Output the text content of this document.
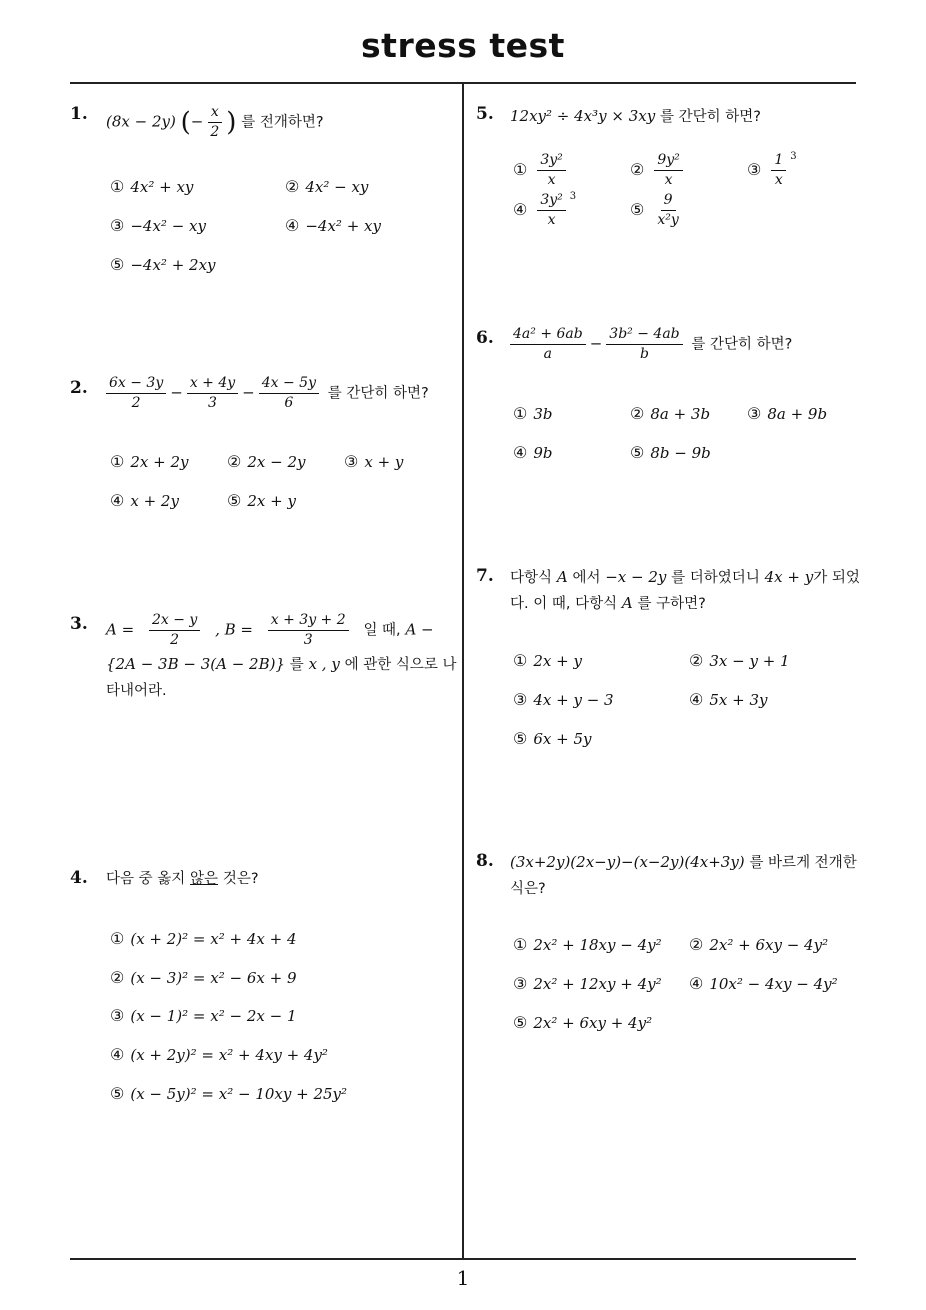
stress test
1
1. (8x − 2y) (− $\frac{x}{2}$ ) 를 전개하면?
① 4x² + xy	② 4x² − xy
③ −4x² − xy	④ −4x² + xy
⑤ −4x² + 2xy
2. $\frac{6x - 3y}{2} - \frac{x + 4y}{3} - \frac{4x - 5y}{6}$ 를 간단히 하면?
① 2x + 2y ② 2x − 2y ③ x + y
④ x + 2y	⑤ 2x + y
3. $A = \frac{2x - y}{2}$ , $B = \frac{x + 3y + 2}{3}$ 일 때, A −
{2A − 3B − 3(A − 2B)} 를 x , y 에 관한 식으로 나
타내어라.
4. 다음 중 옳지 않은 것은?
① (x + 2)² = x² + 4x + 4
② (x − 3)² = x² − 6x + 9
③ (x − 1)² = x² − 2x − 1
④ (x + 2y)² = x² + 4xy + 4y²
⑤ (x − 5y)² = x² − 10xy + 25y²
5. 12xy² ÷ 4x³y × 3xy 를 간단히 하면?
① $\frac{\text{3y²}}{x}$	② $\frac{\text{9y²}}{x}$	③ $\frac{1}{x} ^3$
④ $\frac{\text{3y²}}{x} ^3$
⑤ $\frac{9}{\text{x²y}}$
6. $\frac{\text{4a² + 6ab}}{a} - \frac{\text{3b² − 4ab}}{b}$ 를 간단히 하면?
① 3b	② 8a + 3b ③ 8a + 9b
④ 9b	⑤ 8b − 9b
7. 다항식 A 에서 −x − 2y 를 더하였더니 4x + y가 되었
다. 이 때, 다항식 A 를 구하면?
① 2x + y	② 3x − y + 1
③ 4x + y − 3	④ 5x + 3y
⑤ 6x + 5y
8. (3x+2y)(2x−y)−(x−2y)(4x+3y) 를 바르게 전개한
식은?
① 2x² + 18xy − 4y² ② 2x² + 6xy − 4y²
③ 2x² + 12xy + 4y² ④ 10x² − 4xy − 4y²
⑤ 2x² + 6xy + 4y²
